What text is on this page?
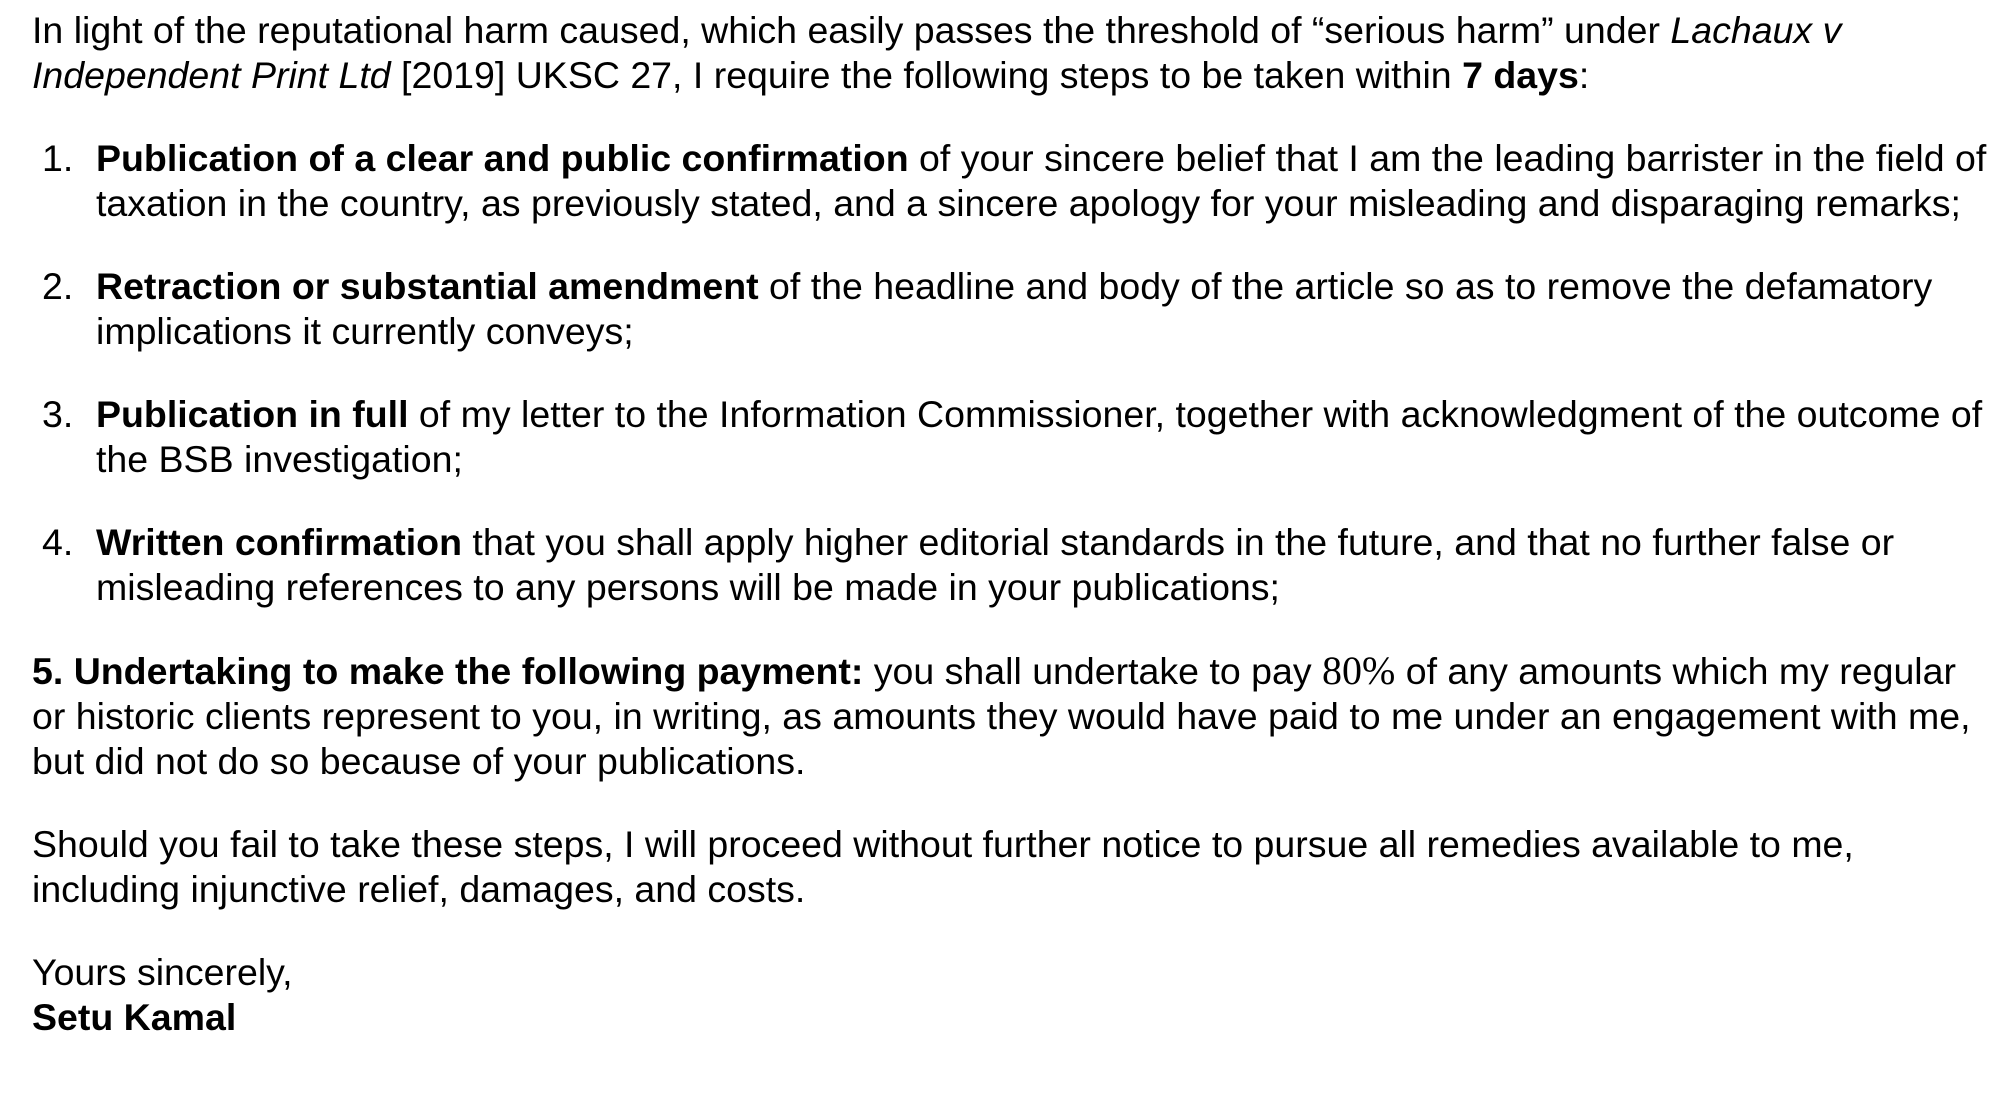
In light of the reputational harm caused, which easily passes the threshold of “serious harm” under Lachaux v Independent Print Ltd [2019] UKSC 27, I require the following steps to be taken within 7 days:

1. Publication of a clear and public confirmation of your sincere belief that I am the leading barrister in the field of taxation in the country, as previously stated, and a sincere apology for your misleading and disparaging remarks;
2. Retraction or substantial amendment of the headline and body of the article so as to remove the defamatory implications it currently conveys;
3. Publication in full of my letter to the Information Commissioner, together with acknowledgment of the outcome of the BSB investigation;
4. Written confirmation that you shall apply higher editorial standards in the future, and that no further false or misleading references to any persons will be made in your publications;

5. Undertaking to make the following payment: you shall undertake to pay 80% of any amounts which my regular or historic clients represent to you, in writing, as amounts they would have paid to me under an engagement with me, but did not do so because of your publications.

Should you fail to take these steps, I will proceed without further notice to pursue all remedies available to me, including injunctive relief, damages, and costs.

Yours sincerely,

Setu Kamal
